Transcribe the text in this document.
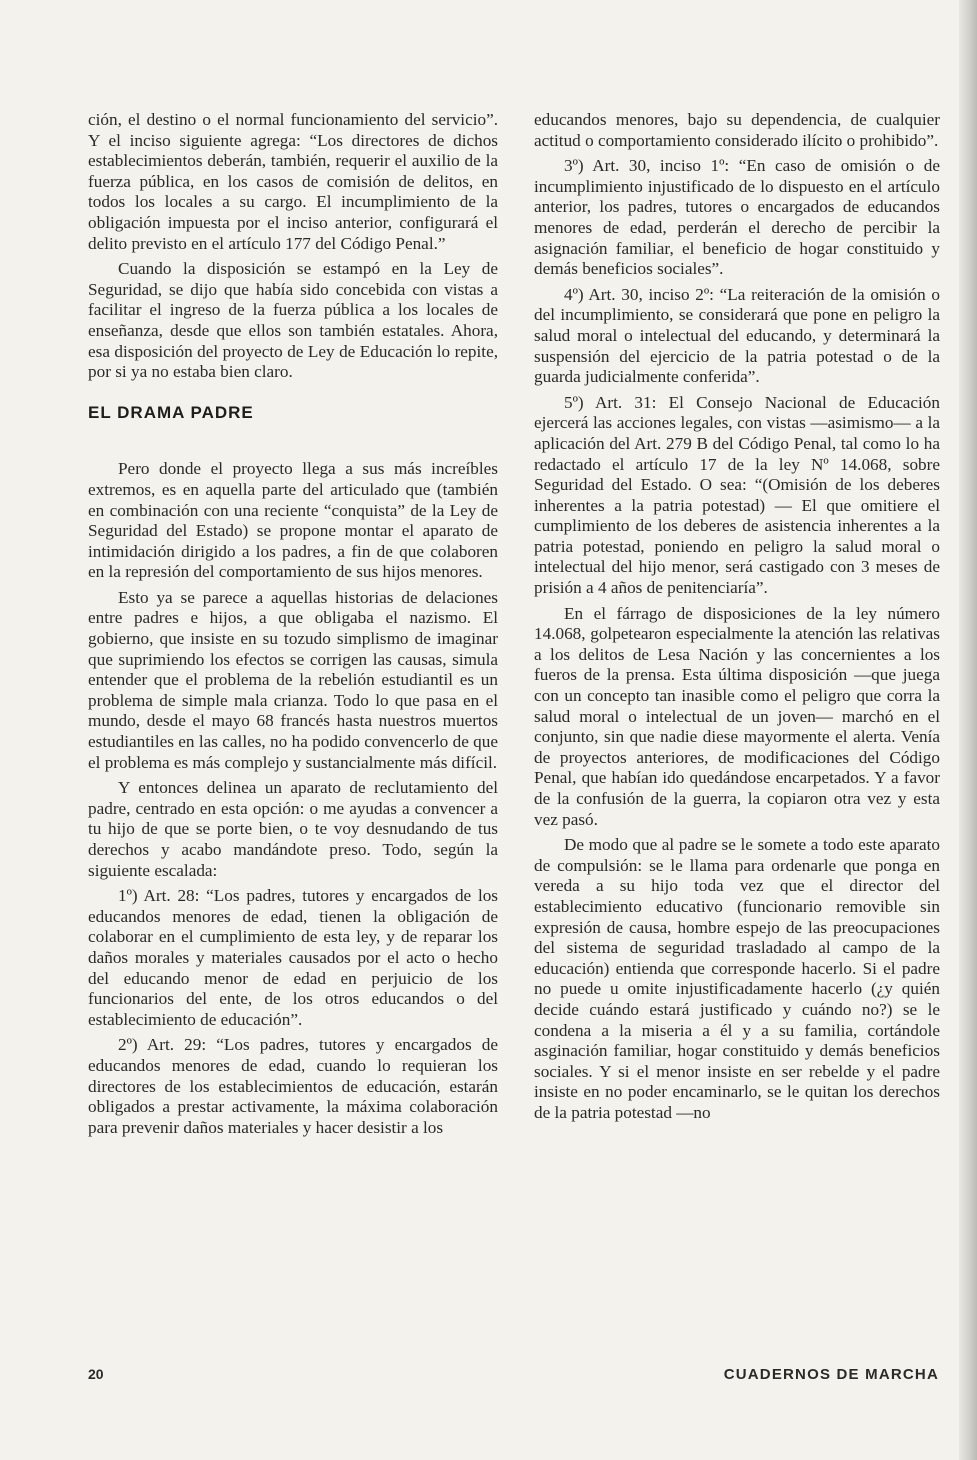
ción, el destino o el normal funcionamiento del servicio”. Y el inciso siguiente agrega: “Los directores de dichos establecimientos deberán, también, requerir el auxilio de la fuerza pública, en los casos de comisión de delitos, en todos los locales a su cargo. El incumplimiento de la obligación impuesta por el inciso anterior, configurará el delito previsto en el artículo 177 del Código Penal.”

Cuando la disposición se estampó en la Ley de Seguridad, se dijo que había sido concebida con vistas a facilitar el ingreso de la fuerza pública a los locales de enseñanza, desde que ellos son también estatales. Ahora, esa disposición del proyecto de Ley de Educación lo repite, por si ya no estaba bien claro.

EL DRAMA PADRE

Pero donde el proyecto llega a sus más increíbles extremos, es en aquella parte del articulado que (también en combinación con una reciente “conquista” de la Ley de Seguridad del Estado) se propone montar el aparato de intimidación dirigido a los padres, a fin de que colaboren en la represión del comportamiento de sus hijos menores.

Esto ya se parece a aquellas historias de delaciones entre padres e hijos, a que obligaba el nazismo. El gobierno, que insiste en su tozudo simplismo de imaginar que suprimiendo los efectos se corrigen las causas, simula entender que el problema de la rebelión estudiantil es un problema de simple mala crianza. Todo lo que pasa en el mundo, desde el mayo 68 francés hasta nuestros muertos estudiantiles en las calles, no ha podido convencerlo de que el problema es más complejo y sustancialmente más difícil.

Y entonces delinea un aparato de reclutamiento del padre, centrado en esta opción: o me ayudas a convencer a tu hijo de que se porte bien, o te voy desnudando de tus derechos y acabo mandándote preso. Todo, según la siguiente escalada:

1º) Art. 28: “Los padres, tutores y encargados de los educandos menores de edad, tienen la obligación de colaborar en el cumplimiento de esta ley, y de reparar los daños morales y materiales causados por el acto o hecho del educando menor de edad en perjuicio de los funcionarios del ente, de los otros educandos o del establecimiento de educación”.

2º) Art. 29: “Los padres, tutores y encargados de educandos menores de edad, cuando lo requieran los directores de los establecimientos de educación, estarán obligados a prestar activamente, la máxima colaboración para prevenir daños materiales y hacer desistir a los

educandos menores, bajo su dependencia, de cualquier actitud o comportamiento considerado ilícito o prohibido”.

3º) Art. 30, inciso 1º: “En caso de omisión o de incumplimiento injustificado de lo dispuesto en el artículo anterior, los padres, tutores o encargados de educandos menores de edad, perderán el derecho de percibir la asignación familiar, el beneficio de hogar constituido y demás beneficios sociales”.

4º) Art. 30, inciso 2º: “La reiteración de la omisión o del incumplimiento, se considerará que pone en peligro la salud moral o intelectual del educando, y determinará la suspensión del ejercicio de la patria potestad o de la guarda judicialmente conferida”.

5º) Art. 31: El Consejo Nacional de Educación ejercerá las acciones legales, con vistas —asimismo— a la aplicación del Art. 279 B del Código Penal, tal como lo ha redactado el artículo 17 de la ley Nº 14.068, sobre Seguridad del Estado. O sea: “(Omisión de los deberes inherentes a la patria potestad) — El que omitiere el cumplimiento de los deberes de asistencia inherentes a la patria potestad, poniendo en peligro la salud moral o intelectual del hijo menor, será castigado con 3 meses de prisión a 4 años de penitenciaría”.

En el fárrago de disposiciones de la ley número 14.068, golpetearon especialmente la atención las relativas a los delitos de Lesa Nación y las concernientes a los fueros de la prensa. Esta última disposición —que juega con un concepto tan inasible como el peligro que corra la salud moral o intelectual de un joven— marchó en el conjunto, sin que nadie diese mayormente el alerta. Venía de proyectos anteriores, de modificaciones del Código Penal, que habían ido quedándose encarpetados. Y a favor de la confusión de la guerra, la copiaron otra vez y esta vez pasó.

De modo que al padre se le somete a todo este aparato de compulsión: se le llama para ordenarle que ponga en vereda a su hijo toda vez que el director del establecimiento educativo (funcionario removible sin expresión de causa, hombre espejo de las preocupaciones del sistema de seguridad trasladado al campo de la educación) entienda que corresponde hacerlo. Si el padre no puede u omite injustificadamente hacerlo (¿y quién decide cuándo estará justificado y cuándo no?) se le condena a la miseria a él y a su familia, cortándole asginación familiar, hogar constituido y demás beneficios sociales. Y si el menor insiste en ser rebelde y el padre insiste en no poder encaminarlo, se le quitan los derechos de la patria potestad —no

20	CUADERNOS DE MARCHA
